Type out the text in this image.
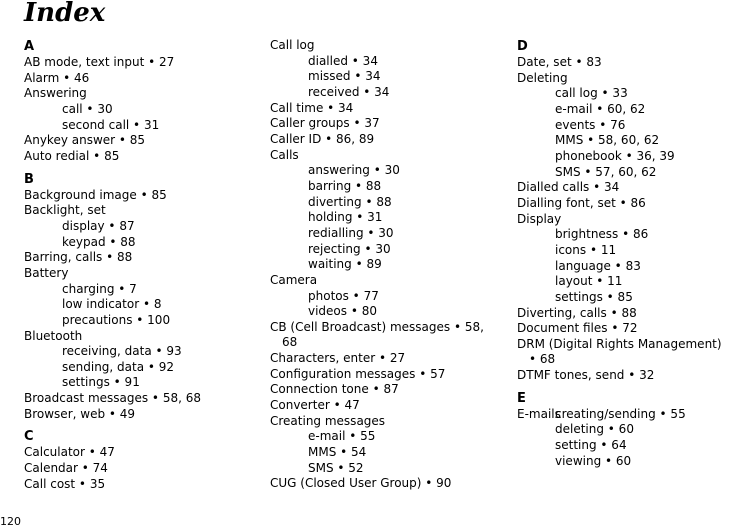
Index
A
AB mode, text input • 27
Alarm • 46
Answering
call • 30
second call • 31
Anykey answer • 85
Auto redial • 85
B
Background image • 85
Backlight, set
display • 87
keypad • 88
Barring, calls • 88
Battery
charging • 7
low indicator • 8
precautions • 100
Bluetooth
receiving, data • 93
sending, data • 92
settings • 91
Broadcast messages • 58, 68
Browser, web • 49
C
Calculator • 47
Calendar • 74
Call cost • 35
Call log
dialled • 34
missed • 34
received • 34
Call time • 34
Caller groups • 37
Caller ID • 86, 89
Calls
answering • 30
barring • 88
diverting • 88
holding • 31
redialling • 30
rejecting • 30
waiting • 89
Camera
photos • 77
videos • 80
CB (Cell Broadcast) messages • 58, 68
Characters, enter • 27
Configuration messages • 57
Connection tone • 87
Converter • 47
Creating messages
e-mail • 55
MMS • 54
SMS • 52
CUG (Closed User Group) • 90
D
Date, set • 83
Deleting
call log • 33
e-mail • 60, 62
events • 76
MMS • 58, 60, 62
phonebook • 36, 39
SMS • 57, 60, 62
Dialled calls • 34
Dialling font, set • 86
Display
brightness • 86
icons • 11
language • 83
layout • 11
settings • 85
Diverting, calls • 88
Document files • 72
DRM (Digital Rights Management) • 68
DTMF tones, send • 32
E
E-mailscreating/sending • 55
deleting • 60
setting • 64
viewing • 60
120
